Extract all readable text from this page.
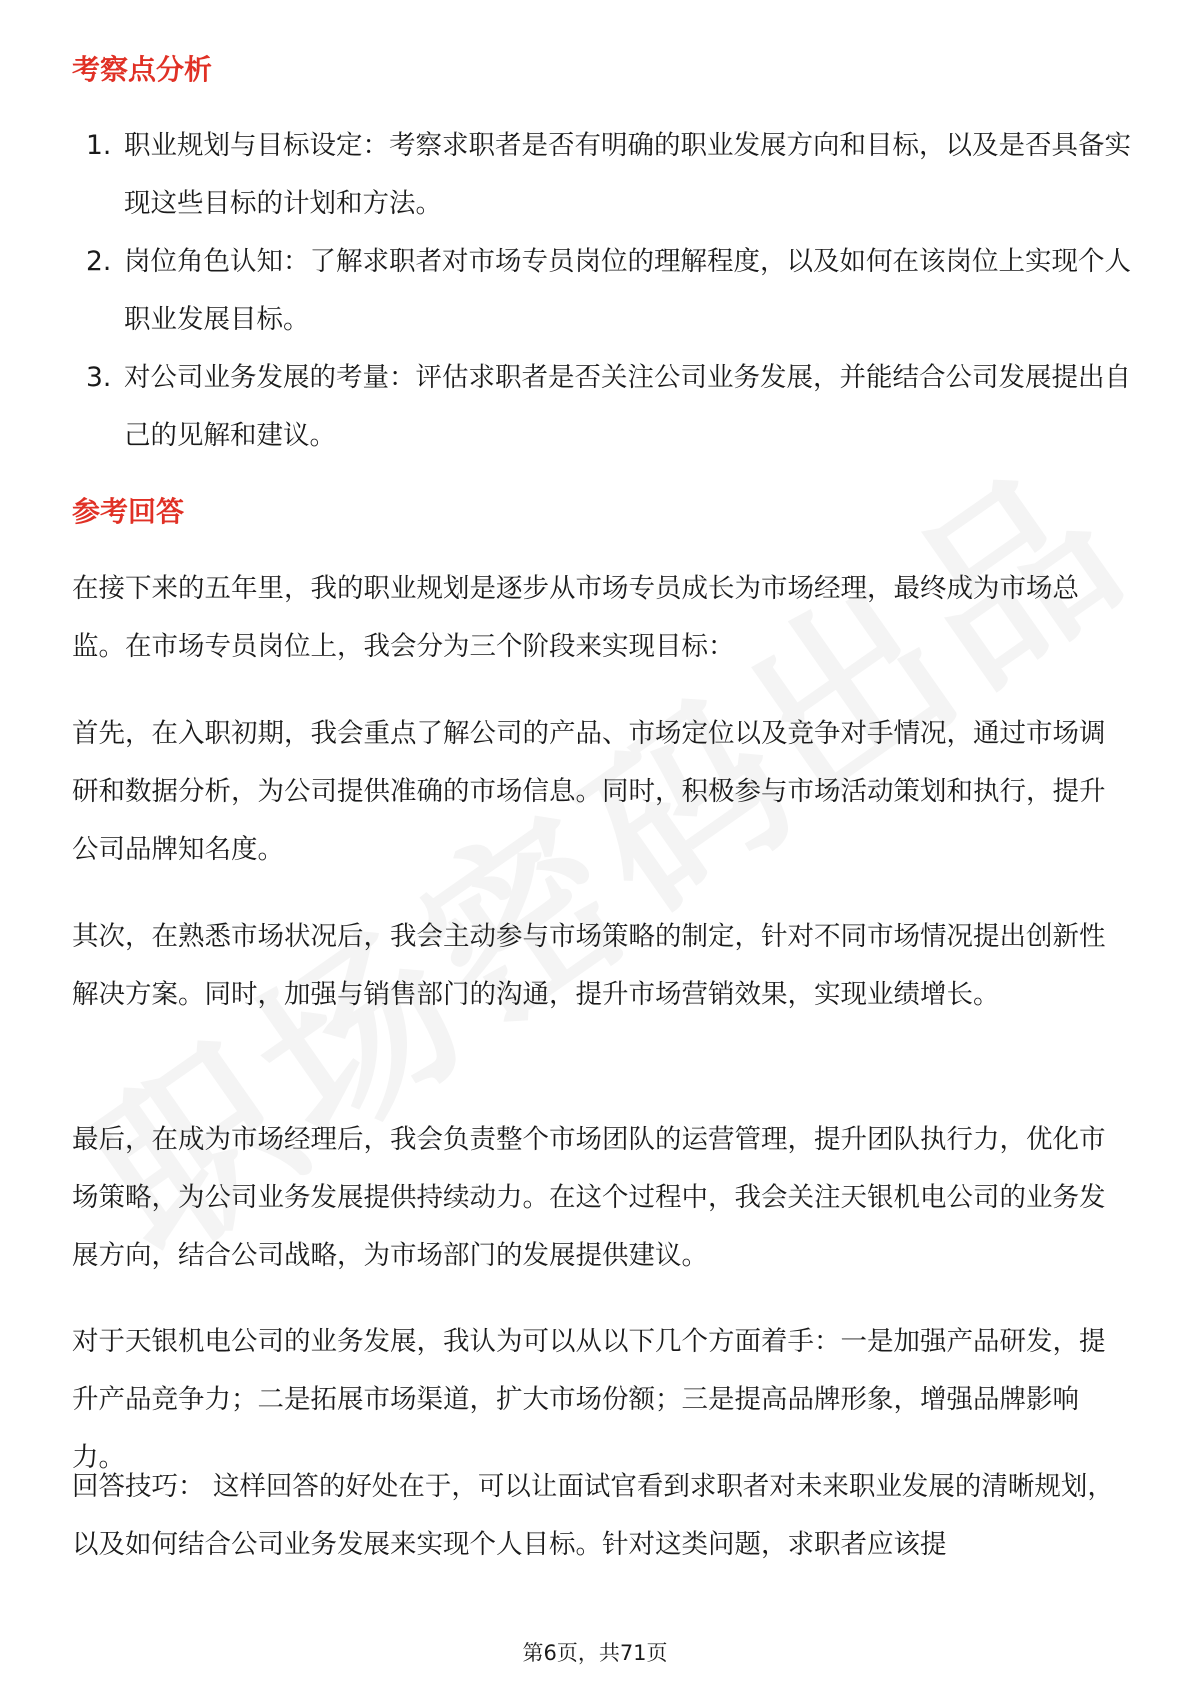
考察点分析
1. 职业规划与目标设定：考察求职者是否有明确的职业发展方向和目标，以及是否具备实现这些目标的计划和方法。
2. 岗位角色认知：了解求职者对市场专员岗位的理解程度，以及如何在该岗位上实现个人职业发展目标。
3. 对公司业务发展的考量：评估求职者是否关注公司业务发展，并能结合公司发展提出自己的见解和建议。
参考回答

在接下来的五年里，我的职业规划是逐步从市场专员成长为市场经理，最终成为市场总监。在市场专员岗位上，我会分为三个阶段来实现目标：

首先，在入职初期，我会重点了解公司的产品、市场定位以及竞争对手情况，通过市场调研和数据分析，为公司提供准确的市场信息。同时，积极参与市场活动策划和执行，提升公司品牌知名度。

其次，在熟悉市场状况后，我会主动参与市场策略的制定，针对不同市场情况提出创新性解决方案。同时，加强与销售部门的沟通，提升市场营销效果，实现业绩增长。

最后，在成为市场经理后，我会负责整个市场团队的运营管理，提升团队执行力，优化市场策略，为公司业务发展提供持续动力。在这个过程中，我会关注天银机电公司的业务发展方向，结合公司战略，为市场部门的发展提供建议。

对于天银机电公司的业务发展，我认为可以从以下几个方面着手：一是加强产品研发，提升产品竞争力；二是拓展市场渠道，扩大市场份额；三是提高品牌形象，增强品牌影响力。

回答技巧： 这样回答的好处在于，可以让面试官看到求职者对未来职业发展的清晰规划，以及如何结合公司业务发展来实现个人目标。针对这类问题，求职者应该提

第6页，共71页
